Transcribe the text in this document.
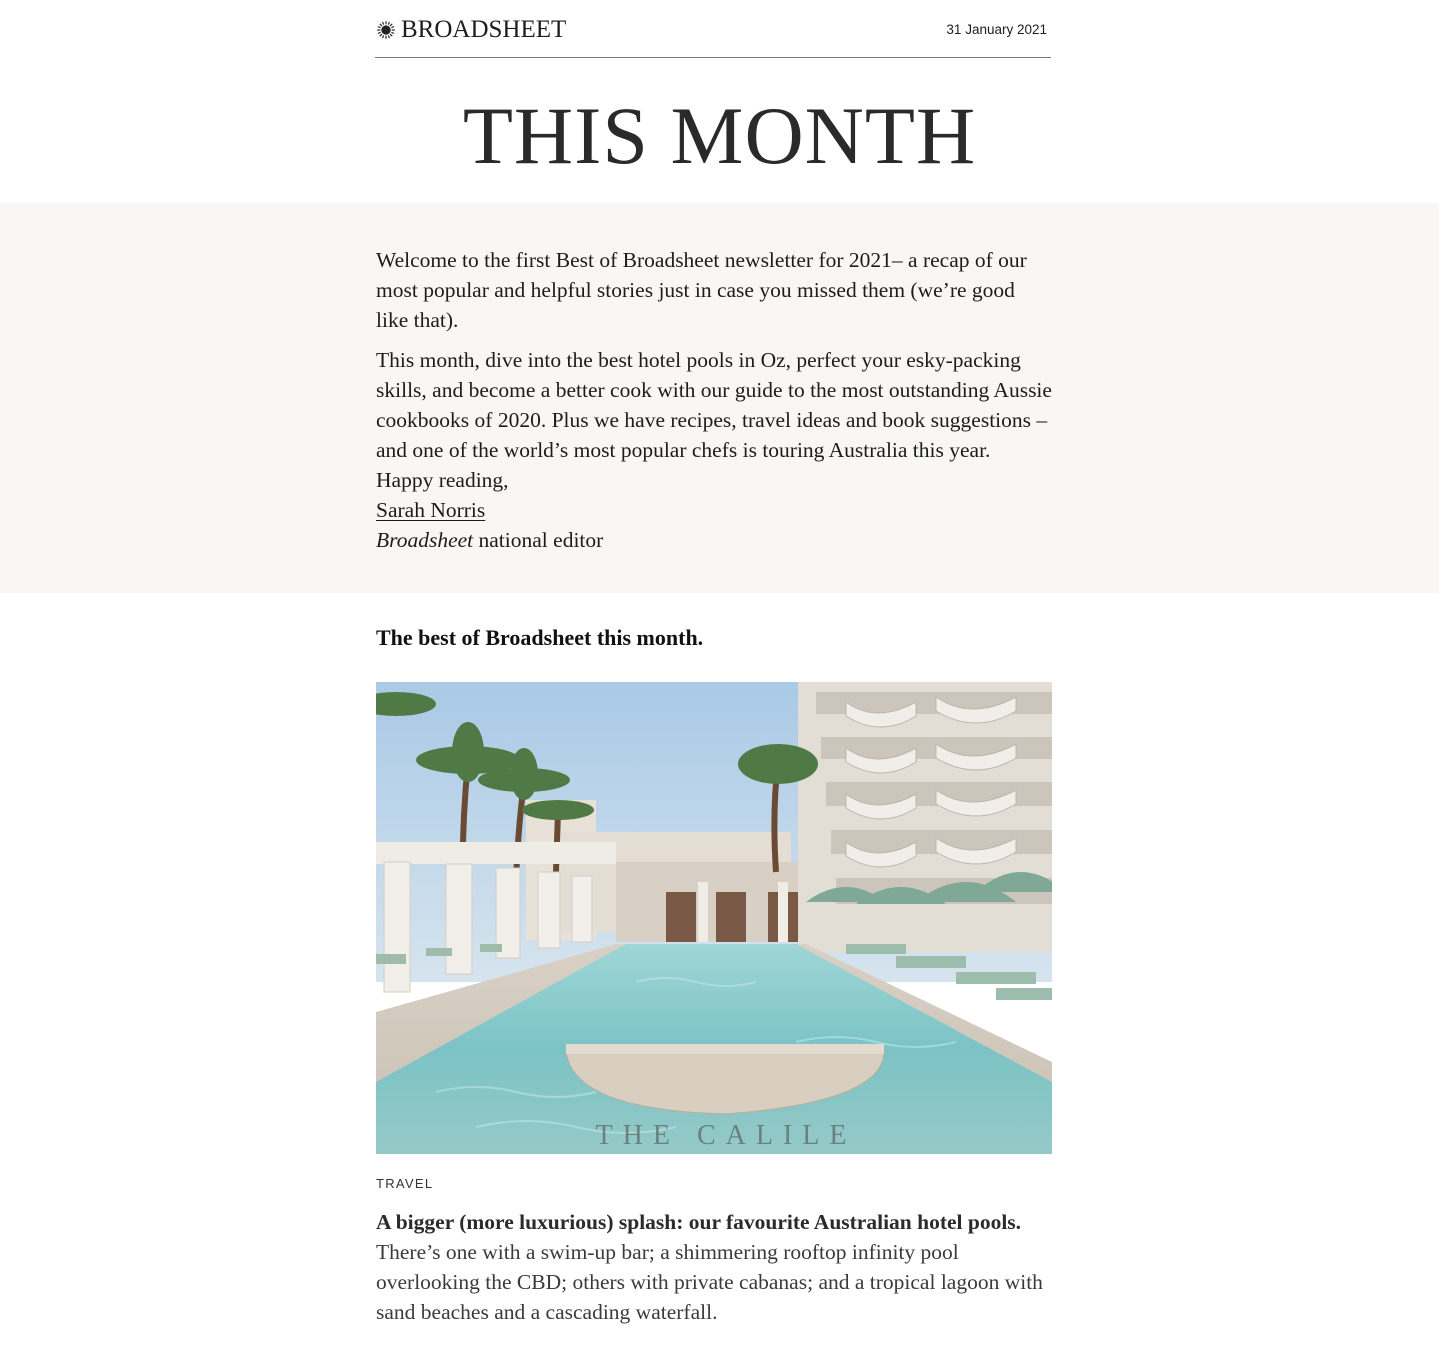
BROADSHEET	31 January 2021
THIS MONTH

Welcome to the first Best of Broadsheet newsletter for 2021– a recap of our most popular and helpful stories just in case you missed them (we’re good like that).

This month, dive into the best hotel pools in Oz, perfect your esky-packing skills, and become a better cook with our guide to the most outstanding Aussie cookbooks of 2020. Plus we have recipes, travel ideas and book suggestions – and one of the world’s most popular chefs is touring Australia this year.

Happy reading,

Sarah Norris

Broadsheet national editor

The best of Broadsheet this month.
THE CALILE
TRAVEL
A bigger (more luxurious) splash: our favourite Australian hotel pools.

There’s one with a swim-up bar; a shimmering rooftop infinity pool overlooking the CBD; others with private cabanas; and a tropical lagoon with sand beaches and a cascading waterfall.
